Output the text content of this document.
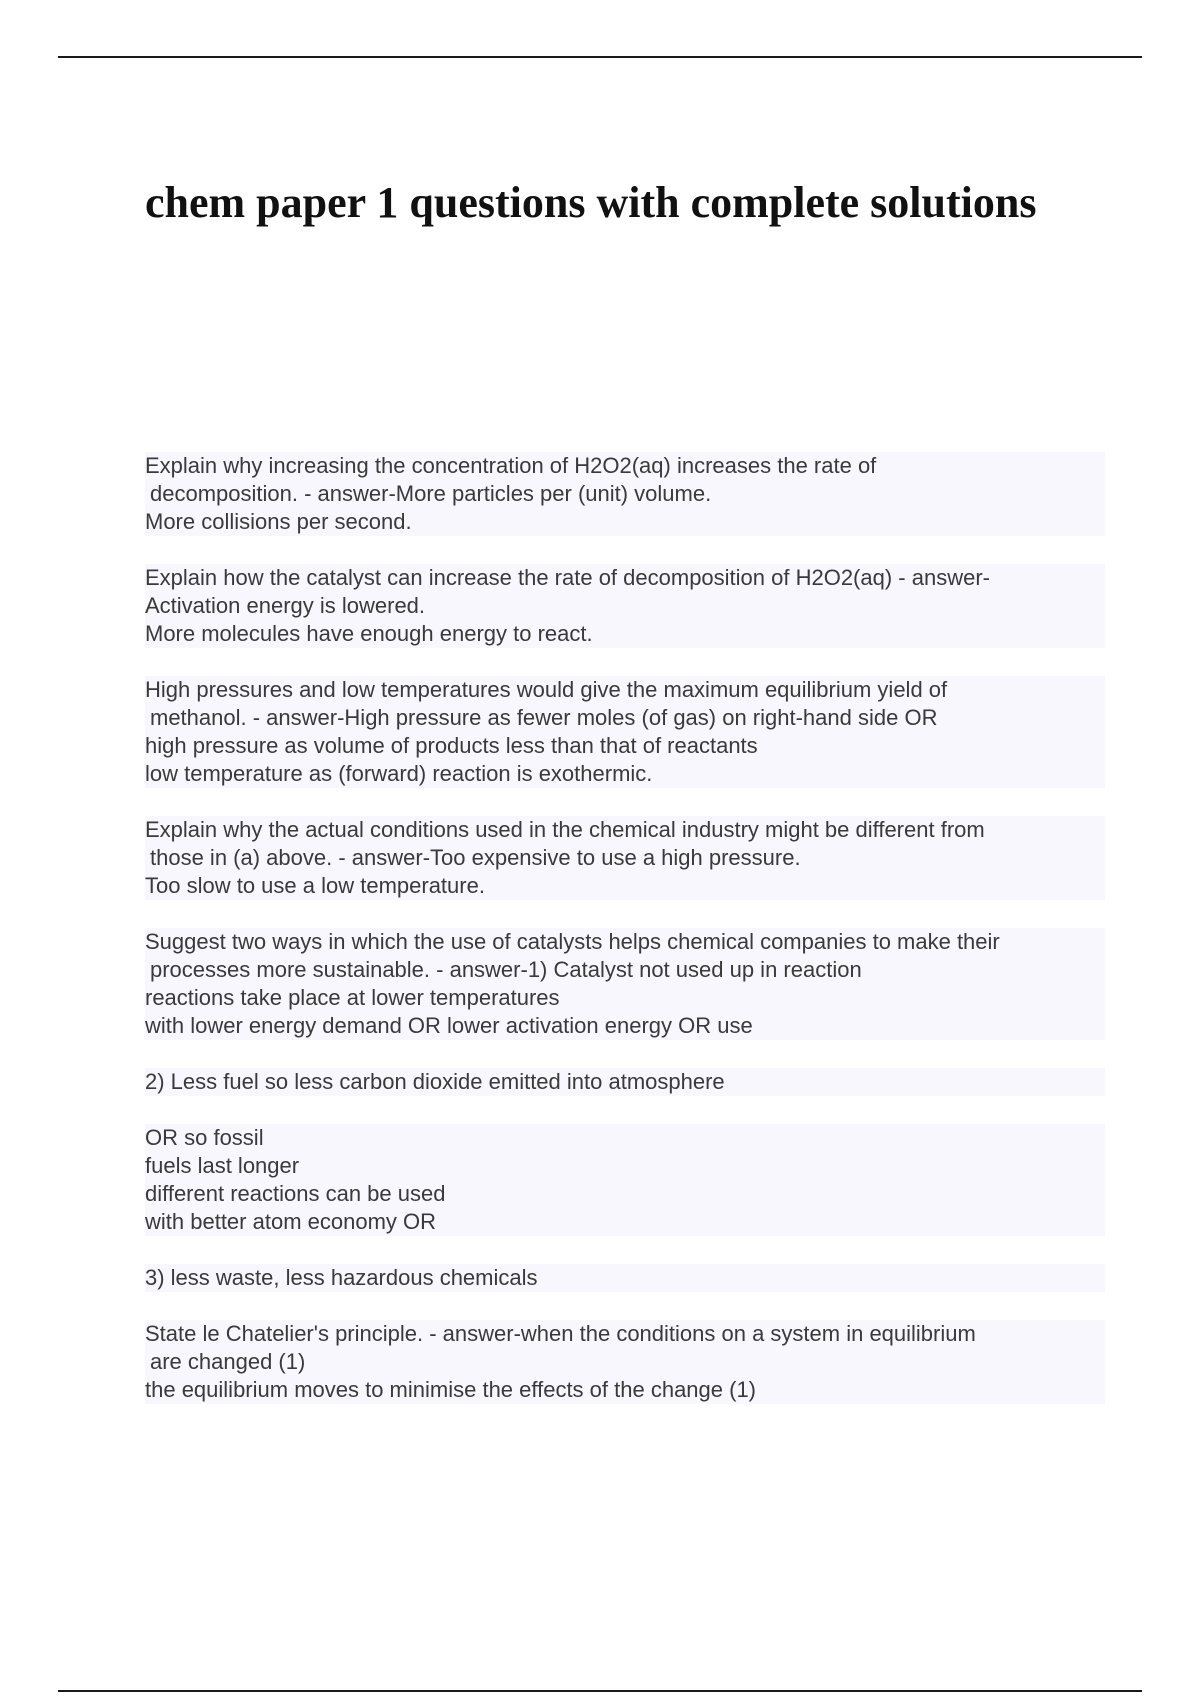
chem paper 1 questions with complete solutions
Explain why increasing the concentration of H2O2(aq) increases the rate of
decomposition. - answer-More particles per (unit) volume.
More collisions per second.
Explain how the catalyst can increase the rate of decomposition of H2O2(aq) - answer-
Activation energy is lowered.
More molecules have enough energy to react.
High pressures and low temperatures would give the maximum equilibrium yield of
methanol. - answer-High pressure as fewer moles (of gas) on right-hand side OR
high pressure as volume of products less than that of reactants
low temperature as (forward) reaction is exothermic.
Explain why the actual conditions used in the chemical industry might be different from
those in (a) above. - answer-Too expensive to use a high pressure.
Too slow to use a low temperature.
Suggest two ways in which the use of catalysts helps chemical companies to make their
processes more sustainable. - answer-1) Catalyst not used up in reaction
reactions take place at lower temperatures
with lower energy demand OR lower activation energy OR use
2) Less fuel so less carbon dioxide emitted into atmosphere
OR so fossil
fuels last longer
different reactions can be used
with better atom economy OR
3) less waste, less hazardous chemicals
State le Chatelier's principle. - answer-when the conditions on a system in equilibrium
are changed (1)
the equilibrium moves to minimise the effects of the change (1)
